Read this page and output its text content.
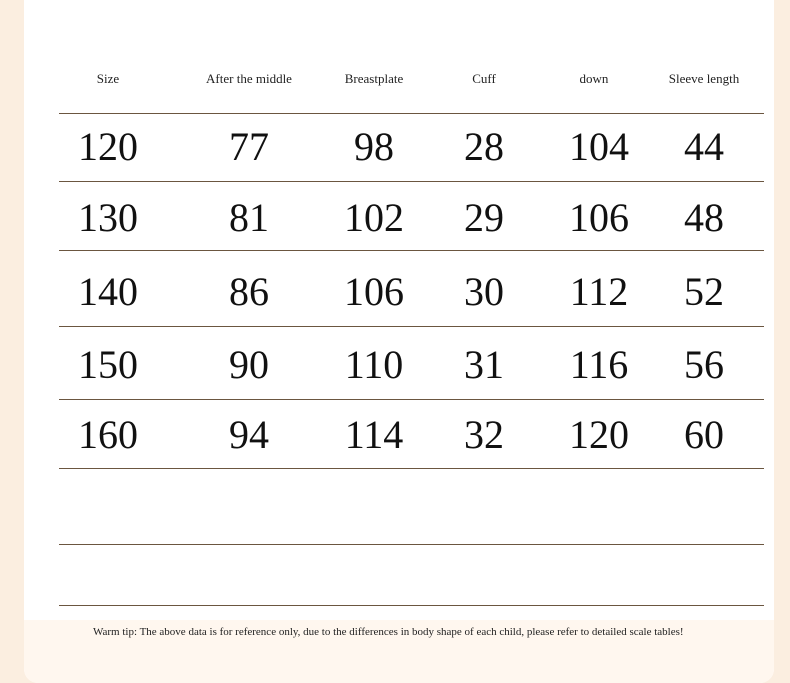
Size	After the middle	Breastplate	Cuff	down	Sleeve length
120	77	98	28	104	44
130	81	102	29	106	48
140	86	106	30	112	52
150	90	110	31	116	56
160	94	114	32	120	60
Warm tip: The above data is for reference only, due to the differences in body shape of each child, please refer to detailed scale tables!
